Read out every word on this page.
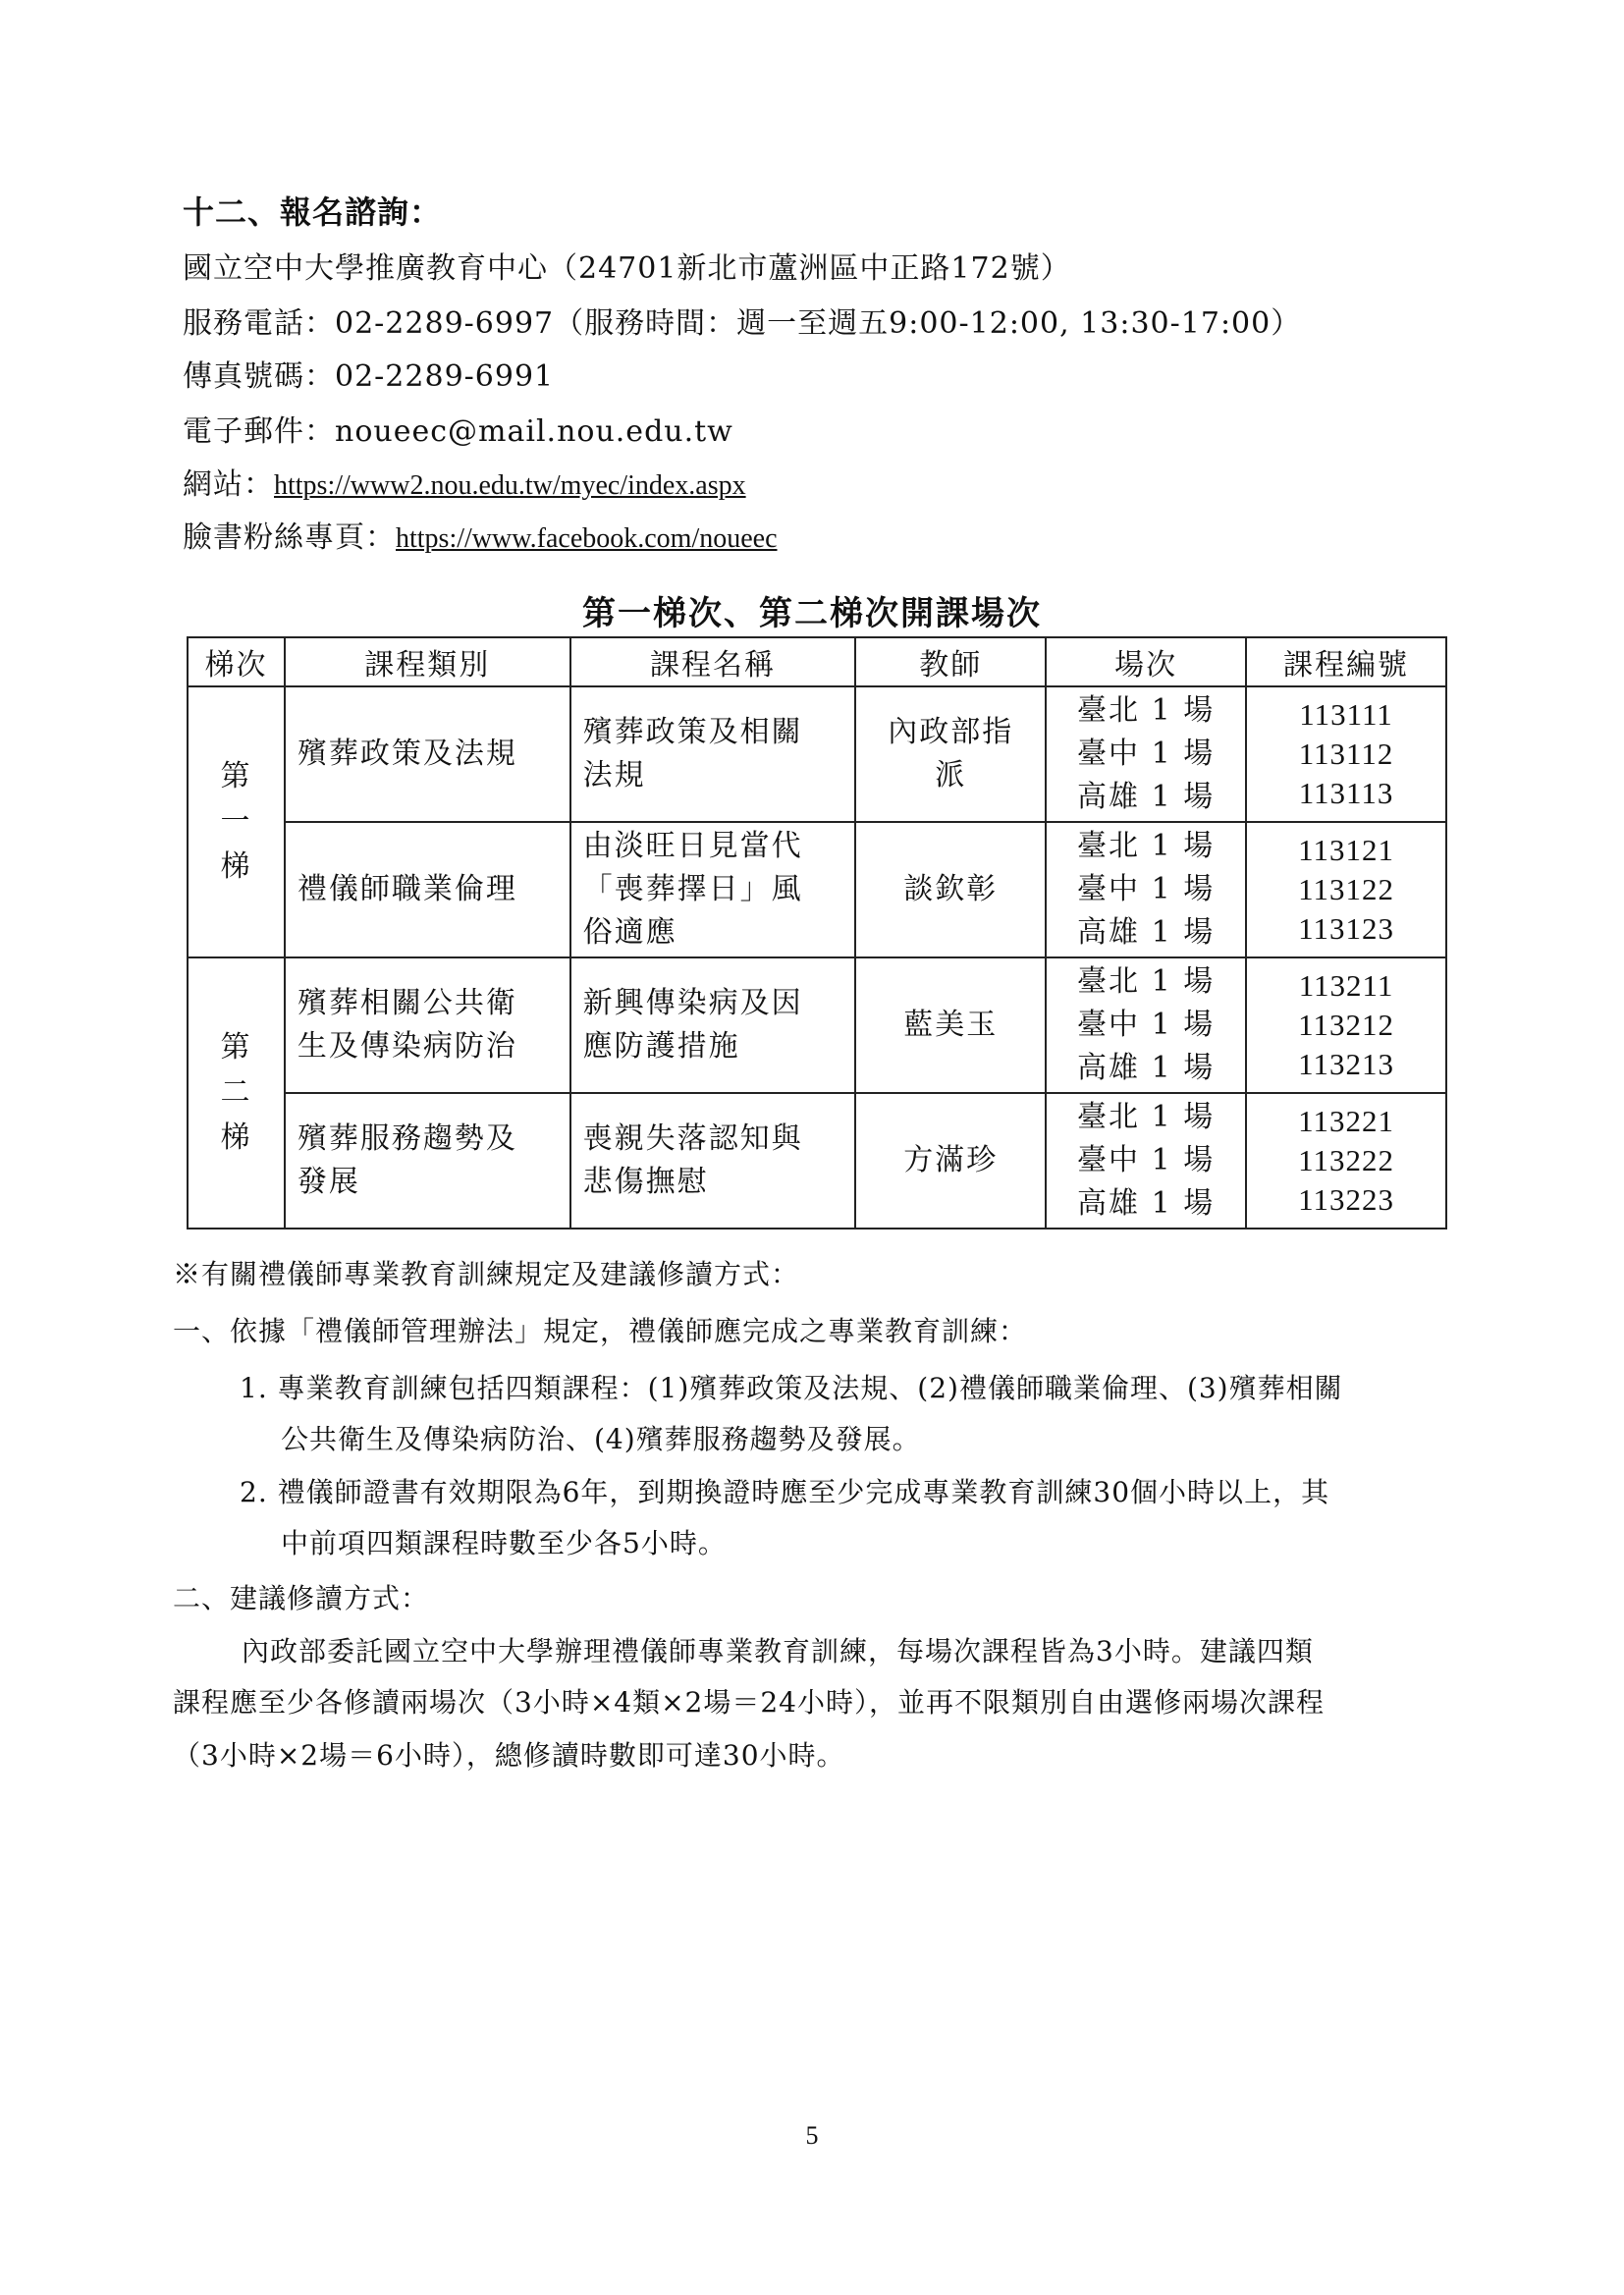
十二、報名諮詢：
國立空中大學推廣教育中心（24701新北市蘆洲區中正路172號）
服務電話：02-2289-6997（服務時間：週一至週五9:00-12:00, 13:30-17:00）
傳真號碼：02-2289-6991
電子郵件：noueec@mail.nou.edu.tw
網站：https://www2.nou.edu.tw/myec/index.aspx
臉書粉絲專頁：https://www.facebook.com/noueec
第一梯次、第二梯次開課場次
梯次	課程類別	課程名稱	教師	場次	課程編號

第
一
梯	殯葬政策及法規	殯葬政策及相關
法規	內政部指
派	臺北 1 場
臺中 1 場
高雄 1 場	113111
113112
113113

	禮儀師職業倫理	由淡旺日見當代
「喪葬擇日」風
俗適應	談欽彰	臺北 1 場
臺中 1 場
高雄 1 場	113121
113122
113123

第
二
梯	殯葬相關公共衛
生及傳染病防治	新興傳染病及因
應防護措施	藍美玉	臺北 1 場
臺中 1 場
高雄 1 場	113211
113212
113213

	殯葬服務趨勢及
發展	喪親失落認知與
悲傷撫慰	方滿珍	臺北 1 場
臺中 1 場
高雄 1 場	113221
113222
113223
※有關禮儀師專業教育訓練規定及建議修讀方式：
一、依據「禮儀師管理辦法」規定，禮儀師應完成之專業教育訓練：
1. 專業教育訓練包括四類課程：(1)殯葬政策及法規、(2)禮儀師職業倫理、(3)殯葬相關
公共衛生及傳染病防治、(4)殯葬服務趨勢及發展。
2. 禮儀師證書有效期限為6年，到期換證時應至少完成專業教育訓練30個小時以上，其
中前項四類課程時數至少各5小時。
二、建議修讀方式：
內政部委託國立空中大學辦理禮儀師專業教育訓練，每場次課程皆為3小時。建議四類
課程應至少各修讀兩場次（3小時×4類×2場＝24小時），並再不限類別自由選修兩場次課程
（3小時×2場＝6小時），總修讀時數即可達30小時。
5
